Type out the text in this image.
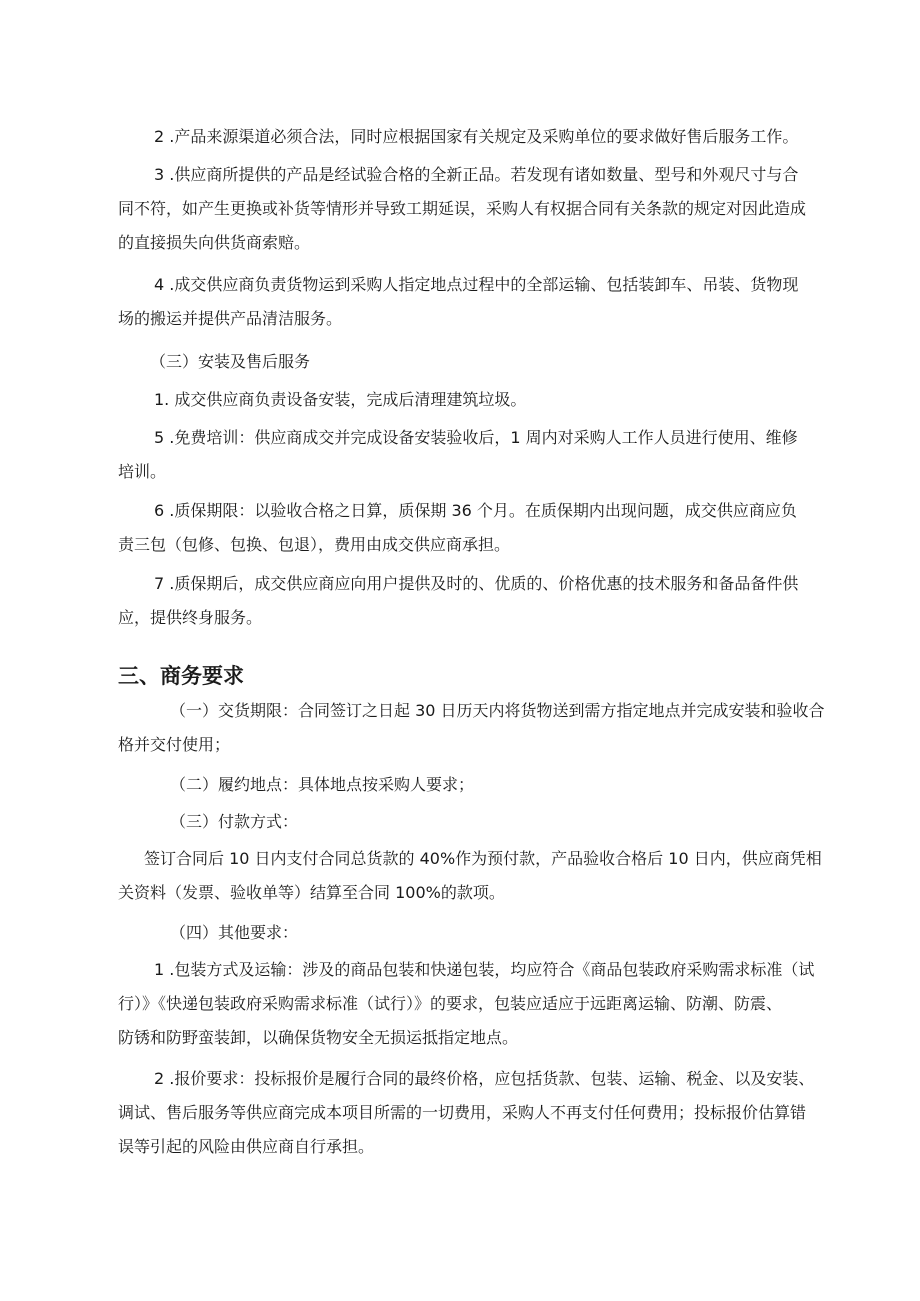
2 .产品来源渠道必须合法，同时应根据国家有关规定及采购单位的要求做好售后服务工作。
3 .供应商所提供的产品是经试验合格的全新正品。若发现有诸如数量、型号和外观尺寸与合
同不符，如产生更换或补货等情形并导致工期延误，采购人有权据合同有关条款的规定对因此造成
的直接损失向供货商索赔。
4 .成交供应商负责货物运到采购人指定地点过程中的全部运输、包括装卸车、吊装、货物现
场的搬运并提供产品清洁服务。
（三）安装及售后服务
1. 成交供应商负责设备安装，完成后清理建筑垃圾。
5 .免费培训：供应商成交并完成设备安装验收后，1 周内对采购人工作人员进行使用、维修
培训。
6 .质保期限：以验收合格之日算，质保期 36 个月。在质保期内出现问题，成交供应商应负
责三包（包修、包换、包退），费用由成交供应商承担。
7 .质保期后，成交供应商应向用户提供及时的、优质的、价格优惠的技术服务和备品备件供
应，提供终身服务。
三、商务要求
（一）交货期限：合同签订之日起 30 日历天内将货物送到需方指定地点并完成安装和验收合
格并交付使用；
（二）履约地点：具体地点按采购人要求；
（三）付款方式：
签订合同后 10 日内支付合同总货款的 40%作为预付款，产品验收合格后 10 日内，供应商凭相
关资料（发票、验收单等）结算至合同 100%的款项。
（四）其他要求：
1 .包装方式及运输：涉及的商品包装和快递包装，均应符合《商品包装政府采购需求标准（试
行）》《快递包装政府采购需求标准（试行）》的要求，包装应适应于远距离运输、防潮、防震、
防锈和防野蛮装卸，以确保货物安全无损运抵指定地点。
2 .报价要求：投标报价是履行合同的最终价格，应包括货款、包装、运输、税金、以及安装、
调试、售后服务等供应商完成本项目所需的一切费用，采购人不再支付任何费用；投标报价估算错
误等引起的风险由供应商自行承担。
